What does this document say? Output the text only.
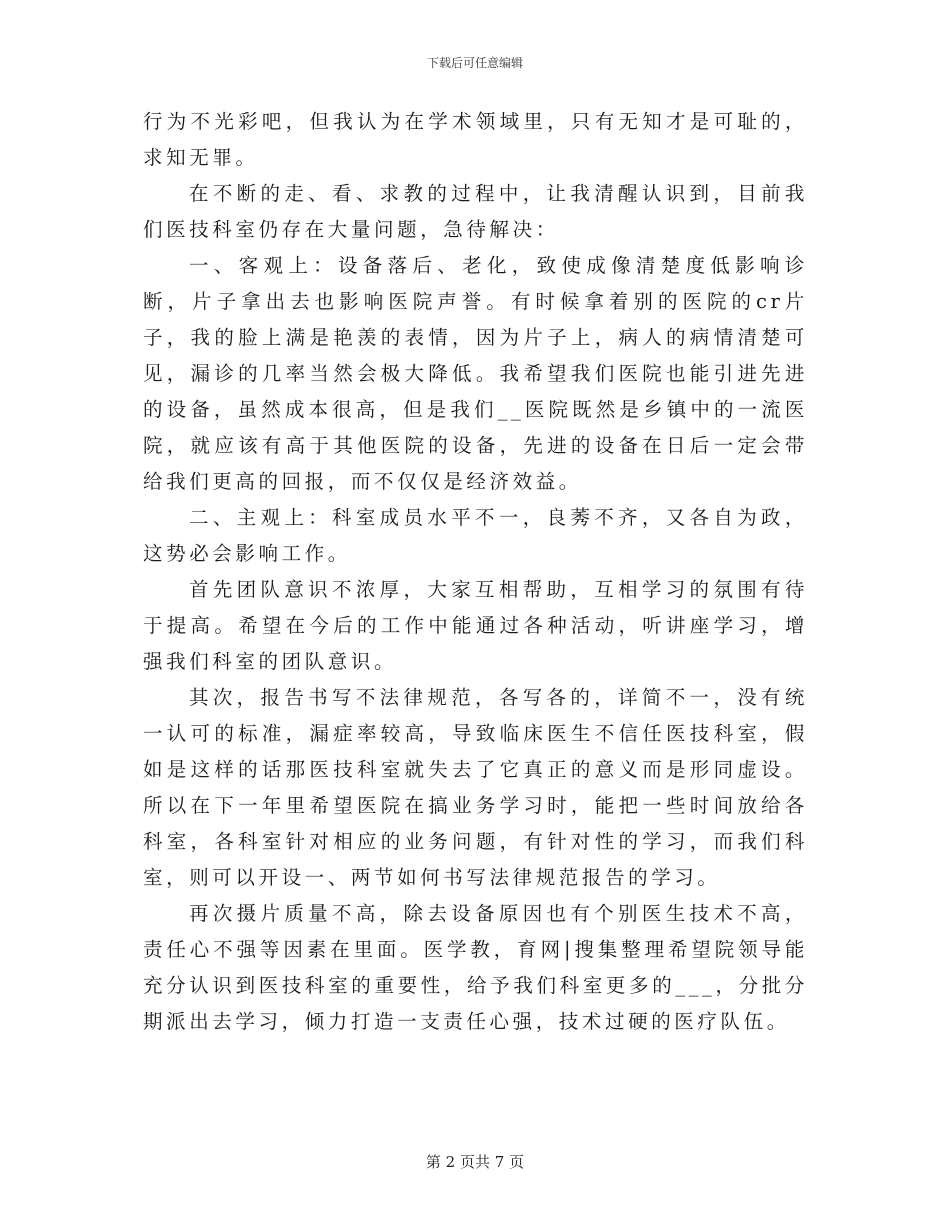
下载后可任意编辑

行为不光彩吧，但我认为在学术领域里，只有无知才是可耻的，求知无罪。

在不断的走、看、求教的过程中，让我清醒认识到，目前我们医技科室仍存在大量问题，急待解决：

一、客观上：设备落后、老化，致使成像清楚度低影响诊断，片子拿出去也影响医院声誉。有时候拿着别的医院的cr片子，我的脸上满是艳羡的表情，因为片子上，病人的病情清楚可见，漏诊的几率当然会极大降低。我希望我们医院也能引进先进的设备，虽然成本很高，但是我们__医院既然是乡镇中的一流医院，就应该有高于其他医院的设备，先进的设备在日后一定会带给我们更高的回报，而不仅仅是经济效益。

二、主观上：科室成员水平不一，良莠不齐，又各自为政，这势必会影响工作。

首先团队意识不浓厚，大家互相帮助，互相学习的氛围有待于提高。希望在今后的工作中能通过各种活动，听讲座学习，增强我们科室的团队意识。

其次，报告书写不法律规范，各写各的，详简不一，没有统一认可的标准，漏症率较高，导致临床医生不信任医技科室，假如是这样的话那医技科室就失去了它真正的意义而是形同虚设。所以在下一年里希望医院在搞业务学习时，能把一些时间放给各科室，各科室针对相应的业务问题，有针对性的学习，而我们科室，则可以开设一、两节如何书写法律规范报告的学习。

再次摄片质量不高，除去设备原因也有个别医生技术不高，责任心不强等因素在里面。医学教，育网|搜集整理希望院领导能充分认识到医技科室的重要性，给予我们科室更多的___，分批分期派出去学习，倾力打造一支责任心强，技术过硬的医疗队伍。

第 2 页共 7 页
